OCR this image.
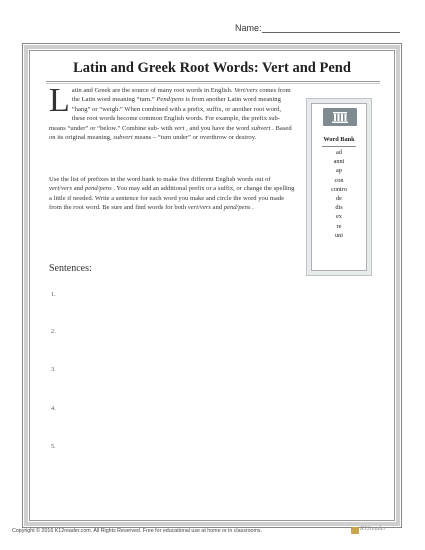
Name:
Latin and Greek Root Words: Vert and Pend
L atin and Greek are the source of many root words in English. Vert/vers comes from the Latin word meaning “turn.” Pend/pens is from another Latin word meaning “hang” or “weigh.” When combined with a prefix, suffix, or another root word, these root words become common English words. For example, the prefix sub- means “under” or “below.” Combine sub- with vert , and you have the word subvert . Based on its original meaning, subvert means – “turn under” or overthrow or destroy.
Use the list of prefixes in the word bank to make five different English words out of vert/vers and pend/pens . You may add an additional prefix or a suffix, or change the spelling a little if needed. Write a sentence for each word you make and circle the word you made from the root word. Be sure and find words for both vert/vers and pend/pens .
Word Bank
ad
anni
ap
con
contro
de
dis
ex
re
uni
Sentences:
1.
2.
3.
4.
5.
Copyright © 2016 K12reader.com. All Rights Reserved. Free for educational use at home or in classrooms.	K12reader
